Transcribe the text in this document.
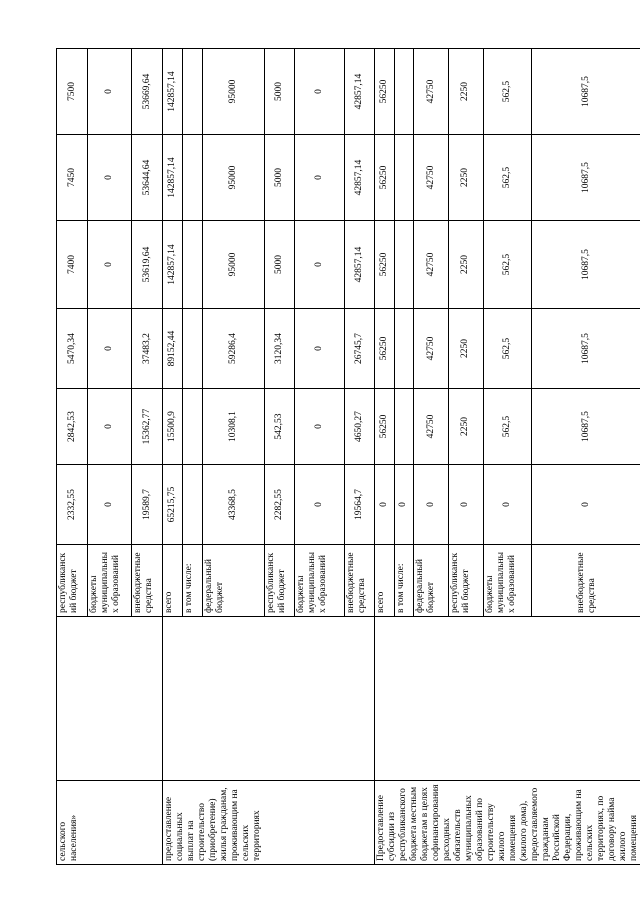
сельского населения»		республиканский бюджет	2332,55	2842,53	5470,34	7400	7450	7500
		бюджеты муниципальных образований	0	0	0	0	0	0
		внебюджетные средства	19589,7	15362,77	37483,2	53619,64	53644,64	53669,64
предоставление социальных выплат на строительство (приобретение) жилья гражданам, проживающим на сельских территориях		всего	65215,75	15500,9	89152,44	142857,14	142857,14	142857,14
		в том числе:						
		федеральный бюджет	43368,5	10308,1	59286,4	95000	95000	95000
		республиканский бюджет	2282,55	542,53	3120,34	5000	5000	5000
		бюджеты муниципальных образований	0	0	0	0	0	0
		внебюджетные средства	19564,7	4650,27	26745,7	42857,14	42857,14	42857,14
Предоставление субсидии из республиканского бюджета местным бюджетам в целях софинансирования расходных обязательств муниципальных образований по строительству жилого помещения (жилого дома), предоставляемого гражданам Российской Федерации, проживающим на сельских территориях, по договору найма жилого помещения		всего	0	56250	56250	56250	56250	56250
		в том числе:	0					
		федеральный бюджет	0	42750	42750	42750	42750	42750
		республиканский бюджет	0	2250	2250	2250	2250	2250
		бюджеты муниципальных образований	0	562,5	562,5	562,5	562,5	562,5
		внебюджетные средства	0	10687,5	10687,5	10687,5	10687,5	10687,5
